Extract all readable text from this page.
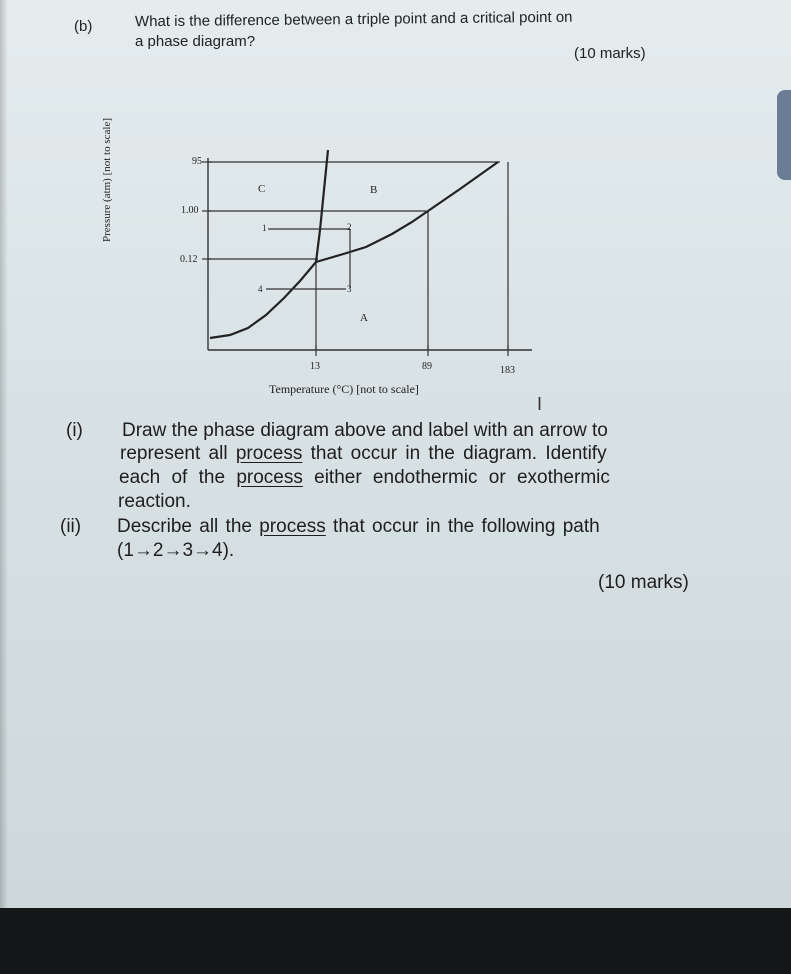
(b)	What is the difference between a triple point and a critical point on
a phase diagram?
(10 marks)
95
1.00
0.12
13	89	183
C	B
A
1	2
3
4
Pressure (atm) [not to scale]
Temperature (°C) [not to scale]
I
(i) Draw the phase diagram above and label with an arrow to
represent all process that occur in the diagram. Identify
each of the process either endothermic or exothermic
reaction.
(ii) Describe all the process that occur in the following path
(1→2→3→4).
(10 marks)
